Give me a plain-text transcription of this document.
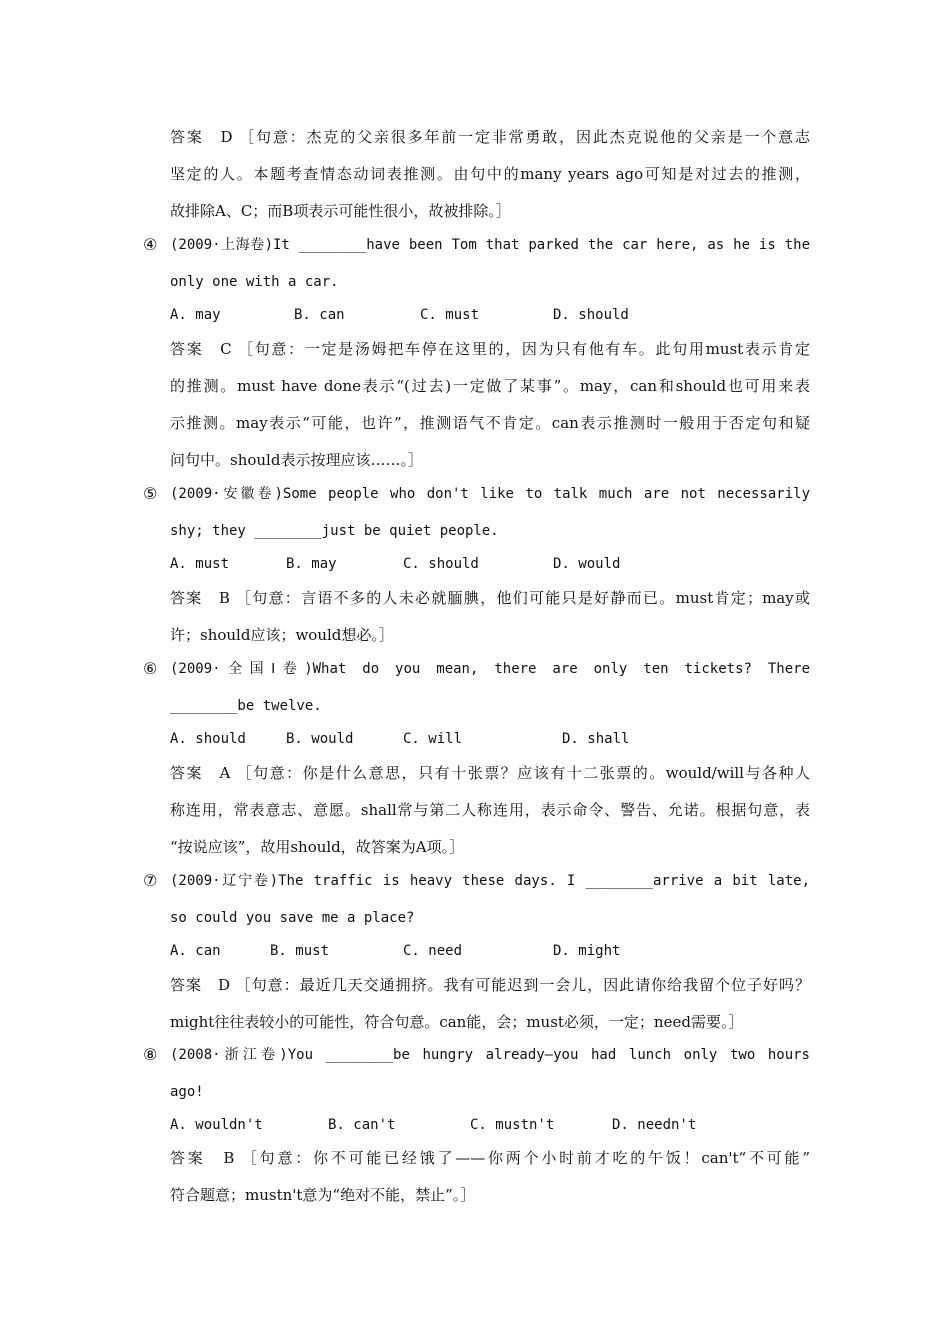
答案　D ［句意：杰克的父亲很多年前一定非常勇敢，因此杰克说他的父亲是一个意志
坚定的人。本题考查情态动词表推测。由句中的many years ago可知是对过去的推测，
故排除A、C；而B项表示可能性很小，故被排除。］
④ (2009·上海卷)It ________have been Tom that parked the car here, as he is the
only one with a car.
A. may	B. can	C. must	D. should
答案　C ［句意：一定是汤姆把车停在这里的，因为只有他有车。此句用must表示肯定
的推测。must have done表示“(过去)一定做了某事”。may，can和should也可用来表
示推测。may表示“可能，也许”，推测语气不肯定。can表示推测时一般用于否定句和疑
问句中。should表示按理应该……。］
⑤ (2009·安徽卷)Some people who don't like to talk much are not necessarily
shy; they ________just be quiet people.
A. must	B. may	C. should	D. would
答案　B ［句意：言语不多的人未必就腼腆，他们可能只是好静而已。must肯定；may或
许；should应该；would想必。］
⑥ (2009·全国Ⅰ卷)What do you mean, there are only ten tickets? There
________be twelve.
A. should	B. would	C. will	D. shall
答案　A ［句意：你是什么意思，只有十张票？应该有十二张票的。would/will与各种人
称连用，常表意志、意愿。shall常与第二人称连用，表示命令、警告、允诺。根据句意，表
“按说应该”，故用should，故答案为A项。］
⑦ (2009·辽宁卷)The traffic is heavy these days. I ________arrive a bit late,
so could you save me a place?
A. can	B. must	C. need	D. might
答案　D ［句意：最近几天交通拥挤。我有可能迟到一会儿，因此请你给我留个位子好吗？
might往往表较小的可能性，符合句意。can能，会；must必须，一定；need需要。］
⑧ (2008·浙江卷)You ________be hungry already—you had lunch only two hours
ago!
A. wouldn't	B. can't	C. mustn't	D. needn't
答案　B ［句意：你不可能已经饿了——你两个小时前才吃的午饭！can't“不可能”
符合题意；mustn't意为“绝对不能，禁止”。］
